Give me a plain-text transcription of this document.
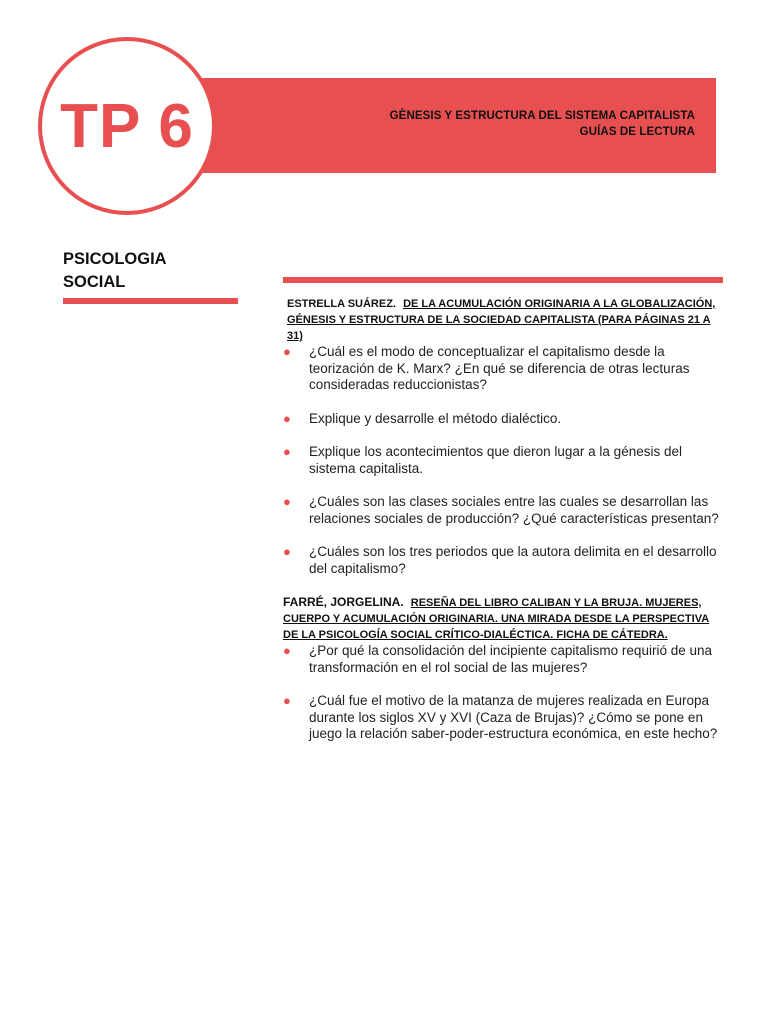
GÈNESIS Y ESTRUCTURA DEL SISTEMA CAPITALISTA
GUÍAS DE LECTURA
TP 6
PSICOLOGIA
SOCIAL

ESTRELLA SUÁREZ. DE LA ACUMULACIÓN ORIGINARIA A LA GLOBALIZACIÓN, GÉNESIS Y ESTRUCTURA DE LA SOCIEDAD CAPITALISTA (PARA PÁGINAS 21 A 31)

● ¿Cuál es el modo de conceptualizar el capitalismo desde la teorización de K. Marx? ¿En qué se diferencia de otras lecturas consideradas reduccionistas?
● Explique y desarrolle el método dialéctico.
● Explique los acontecimientos que dieron lugar a la génesis del sistema capitalista.
● ¿Cuáles son las clases sociales entre las cuales se desarrollan las relaciones sociales de producción? ¿Qué características presentan?
● ¿Cuáles son los tres periodos que la autora delimita en el desarrollo del capitalismo?

FARRÉ, JORGELINA. RESEÑA DEL LIBRO CALIBAN Y LA BRUJA. MUJERES, CUERPO Y ACUMULACIÓN ORIGINARIA. UNA MIRADA DESDE LA PERSPECTIVA DE LA PSICOLOGÍA SOCIAL CRÍTICO-DIALÉCTICA. FICHA DE CÁTEDRA.

● ¿Por qué la consolidación del incipiente capitalismo requirió de una transformación en el rol social de las mujeres?
● ¿Cuál fue el motivo de la matanza de mujeres realizada en Europa durante los siglos XV y XVI (Caza de Brujas)? ¿Cómo se pone en juego la relación saber-poder-estructura económica, en este hecho?
